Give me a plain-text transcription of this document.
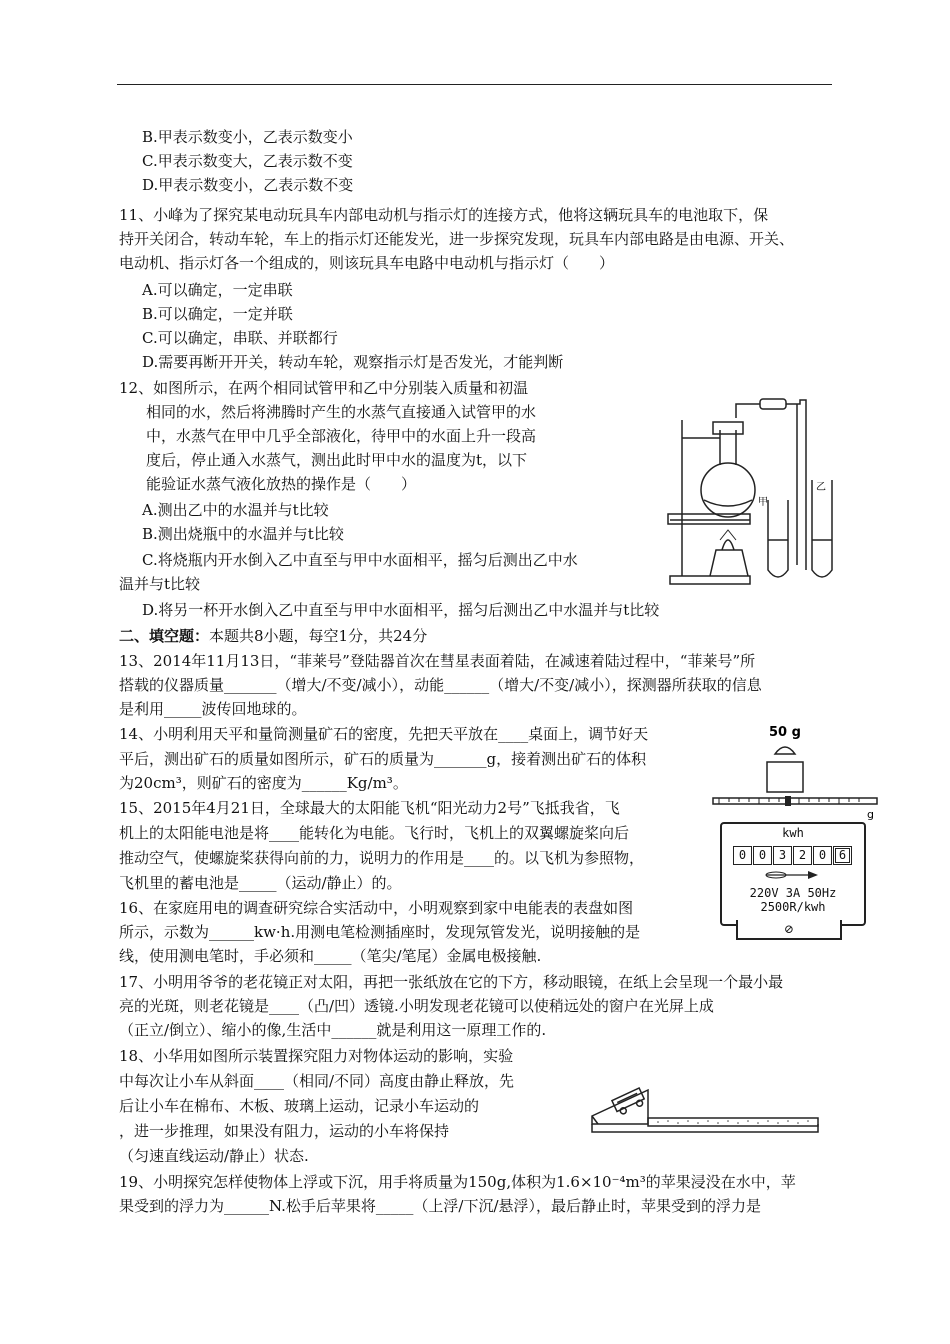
B.甲表示数变小，乙表示数变小
C.甲表示数变大，乙表示数不变
D.甲表示数变小，乙表示数不变
11、小峰为了探究某电动玩具车内部电动机与指示灯的连接方式，他将这辆玩具车的电池取下，保
持开关闭合，转动车轮，车上的指示灯还能发光，进一步探究发现，玩具车内部电路是由电源、开关、
电动机、指示灯各一个组成的，则该玩具车电路中电动机与指示灯（　　）
A.可以确定，一定串联
B.可以确定，一定并联
C.可以确定，串联、并联都行
D.需要再断开开关，转动车轮，观察指示灯是否发光，才能判断
12、如图所示，在两个相同试管甲和乙中分别装入质量和初温
相同的水，然后将沸腾时产生的水蒸气直接通入试管甲的水
中，水蒸气在甲中几乎全部液化，待甲中的水面上升一段高
度后，停止通入水蒸气，测出此时甲中水的温度为t，以下
能验证水蒸气液化放热的操作是（　　）
A.测出乙中的水温并与t比较
B.测出烧瓶中的水温并与t比较
C.将烧瓶内开水倒入乙中直至与甲中水面相平，摇匀后测出乙中水
温并与t比较
D.将另一杯开水倒入乙中直至与甲中水面相平，摇匀后测出乙中水温并与t比较
甲
乙
二、填空题：本题共8小题，每空1分，共24分
13、2014年11月13日，“菲莱号”登陆器首次在彗星表面着陆，在减速着陆过程中，“菲莱号”所
搭载的仪器质量_______（增大/不变/减小），动能______（增大/不变/减小），探测器所获取的信息
是利用_____波传回地球的。
14、小明利用天平和量筒测量矿石的密度，先把天平放在____桌面上，调节好天
平后，测出矿石的质量如图所示，矿石的质量为_______g，接着测出矿石的体积
为20cm³，则矿石的密度为______Kg/m³。
50 g
g
15、2015年4月21日，全球最大的太阳能飞机“阳光动力2号”飞抵我省，飞
机上的太阳能电池是将____能转化为电能。飞行时，飞机上的双翼螺旋桨向后
推动空气，使螺旋桨获得向前的力，说明力的作用是____的。以飞机为参照物，
飞机里的蓄电池是_____（运动/静止）的。
kwh
0	0	3	2	0	6
220V 3A 50Hz
2500R/kwh
⊘
16、在家庭用电的调查研究综合实活动中，小明观察到家中电能表的表盘如图
所示，示数为______kw·h.用测电笔检测插座时，发现氖管发光，说明接触的是
线，使用测电笔时，手必须和_____（笔尖/笔尾）金属电极接触.
17、小明用爷爷的老花镜正对太阳，再把一张纸放在它的下方，移动眼镜，在纸上会呈现一个最小最
亮的光斑，则老花镜是____（凸/凹）透镜.小明发现老花镜可以使稍远处的窗户在光屏上成
（正立/倒立）、缩小的像,生活中______就是利用这一原理工作的.
18、小华用如图所示装置探究阻力对物体运动的影响，实验
中每次让小车从斜面____（相同/不同）高度由静止释放，先
后让小车在棉布、木板、玻璃上运动，记录小车运动的
，进一步推理，如果没有阻力，运动的小车将保持
（匀速直线运动/静止）状态.
19、小明探究怎样使物体上浮或下沉，用手将质量为150g,体积为1.6×10⁻⁴m³的苹果浸没在水中，苹
果受到的浮力为______N.松手后苹果将_____（上浮/下沉/悬浮），最后静止时，苹果受到的浮力是
